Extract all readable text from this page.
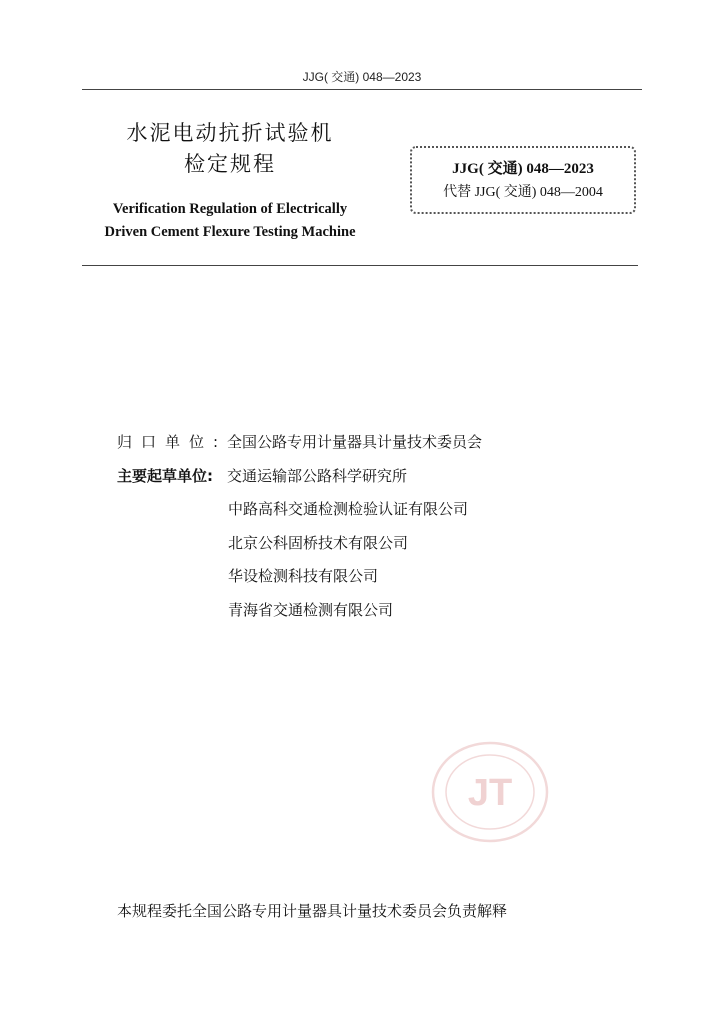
JJG( 交通) 048—2023
水泥电动抗折试验机
检定规程
Verification Regulation of Electrically
Driven Cement Flexure Testing Machine
JJG( 交通) 048—2023
代替 JJG( 交通) 048—2004
归口单位:全国公路专用计量器具计量技术委员会
主要起草单位: 交通运输部公路科学研究所
中路高科交通检测检验认证有限公司
北京公科固桥技术有限公司
华设检测科技有限公司
青海省交通检测有限公司
JT
本规程委托全国公路专用计量器具计量技术委员会负责解释
